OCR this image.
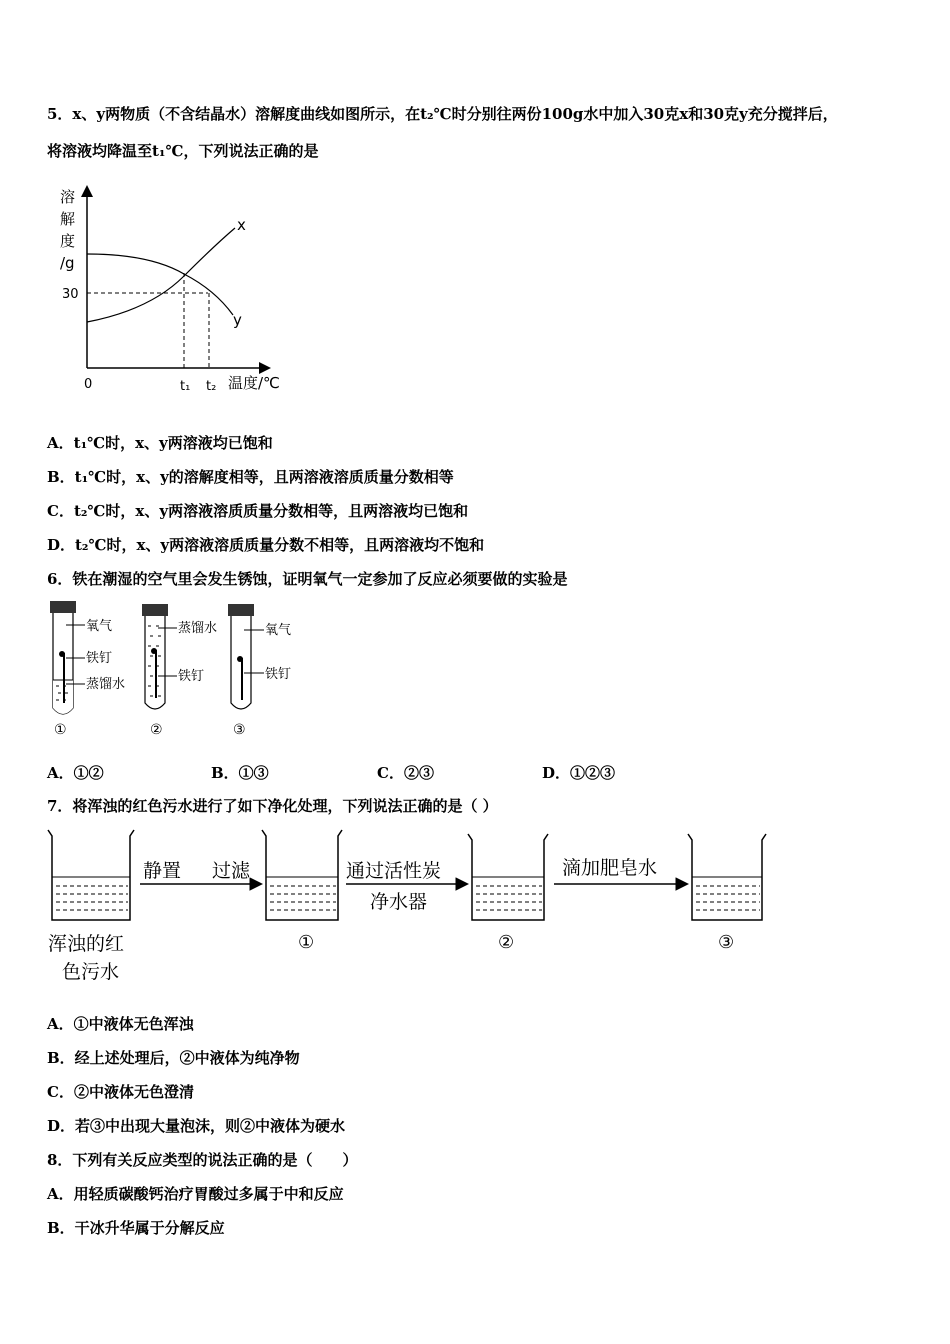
5．x、y两物质（不含结晶水）溶解度曲线如图所示，在t₂℃时分别往两份100g水中加入30克x和30克y充分搅拌后，
将溶液均降温至t₁℃，下列说法正确的是
溶
解
度
/g
30
0	t₁ t₂ 温度/℃
x
y
A．t₁℃时，x、y两溶液均已饱和
B．t₁℃时，x、y的溶解度相等，且两溶液溶质质量分数相等
C．t₂℃时，x、y两溶液溶质质量分数相等，且两溶液均已饱和
D．t₂℃时，x、y两溶液溶质质量分数不相等，且两溶液均不饱和
6．铁在潮湿的空气里会发生锈蚀，证明氧气一定参加了反应必须要做的实验是
氧气
铁钉
蒸馏水
①
蒸馏水
铁钉
②
氧气
铁钉
③
A．①②	B．①③	C．②③	D．①②③
7．将浑浊的红色污水进行了如下净化处理，下列说法正确的是（ ）
浑浊的红
色污水
静置 过滤
①
通过活性炭
净水器
②
滴加肥皂水
③
A．①中液体无色浑浊
B．经上述处理后，②中液体为纯净物
C．②中液体无色澄清
D．若③中出现大量泡沫，则②中液体为硬水
8．下列有关反应类型的说法正确的是（　　）
A．用轻质碳酸钙治疗胃酸过多属于中和反应
B．干冰升华属于分解反应
